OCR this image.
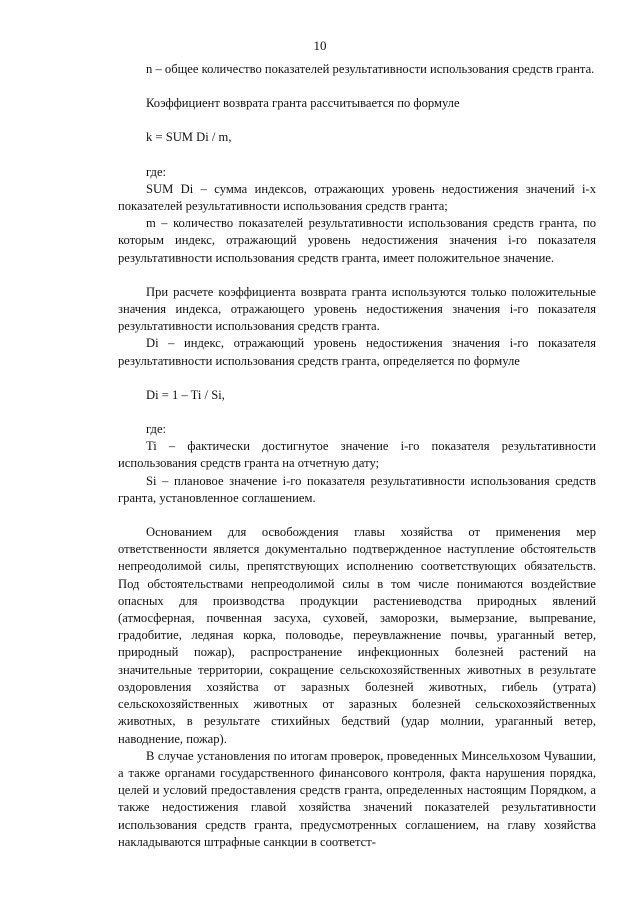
10

n – общее количество показателей результативности использования средств гранта.

Коэффициент возврата гранта рассчитывается по формуле

k = SUM Di / m,

где:

SUM Di – сумма индексов, отражающих уровень недостижения значений i-х показателей результативности использования средств гранта;

m – количество показателей результативности использования средств гранта, по которым индекс, отражающий уровень недостижения значения i-го показателя результативности использования средств гранта, имеет положительное значение.

При расчете коэффициента возврата гранта используются только положительные значения индекса, отражающего уровень недостижения значения i-го показателя результативности использования средств гранта.

Di – индекс, отражающий уровень недостижения значения i-го показателя результативности использования средств гранта, определяется по формуле

Di = 1 – Ti / Si,

где:

Ti – фактически достигнутое значение i-го показателя результативности использования средств гранта на отчетную дату;

Si – плановое значение i-го показателя результативности использования средств гранта, установленное соглашением.

Основанием для освобождения главы хозяйства от применения мер ответственности является документально подтвержденное наступление обстоятельств непреодолимой силы, препятствующих исполнению соответствующих обязательств. Под обстоятельствами непреодолимой силы в том числе понимаются воздействие опасных для производства продукции растениеводства природных явлений (атмосферная, почвенная засуха, суховей, заморозки, вымерзание, выпревание, градобитие, ледяная корка, половодье, переувлажнение почвы, ураганный ветер, природный пожар), распространение инфекционных болезней растений на значительные территории, сокращение сельскохозяйственных животных в результате оздоровления хозяйства от заразных болезней животных, гибель (утрата) сельскохозяйственных животных от заразных болезней сельскохозяйственных животных, в результате стихийных бедствий (удар молнии, ураганный ветер, наводнение, пожар).

В случае установления по итогам проверок, проведенных Минсельхозом Чувашии, а также органами государственного финансового контроля, факта нарушения порядка, целей и условий предоставления средств гранта, определенных настоящим Порядком, а также недостижения главой хозяйства значений показателей результативности использования средств гранта, предусмотренных соглашением, на главу хозяйства накладываются штрафные санкции в соответст-
